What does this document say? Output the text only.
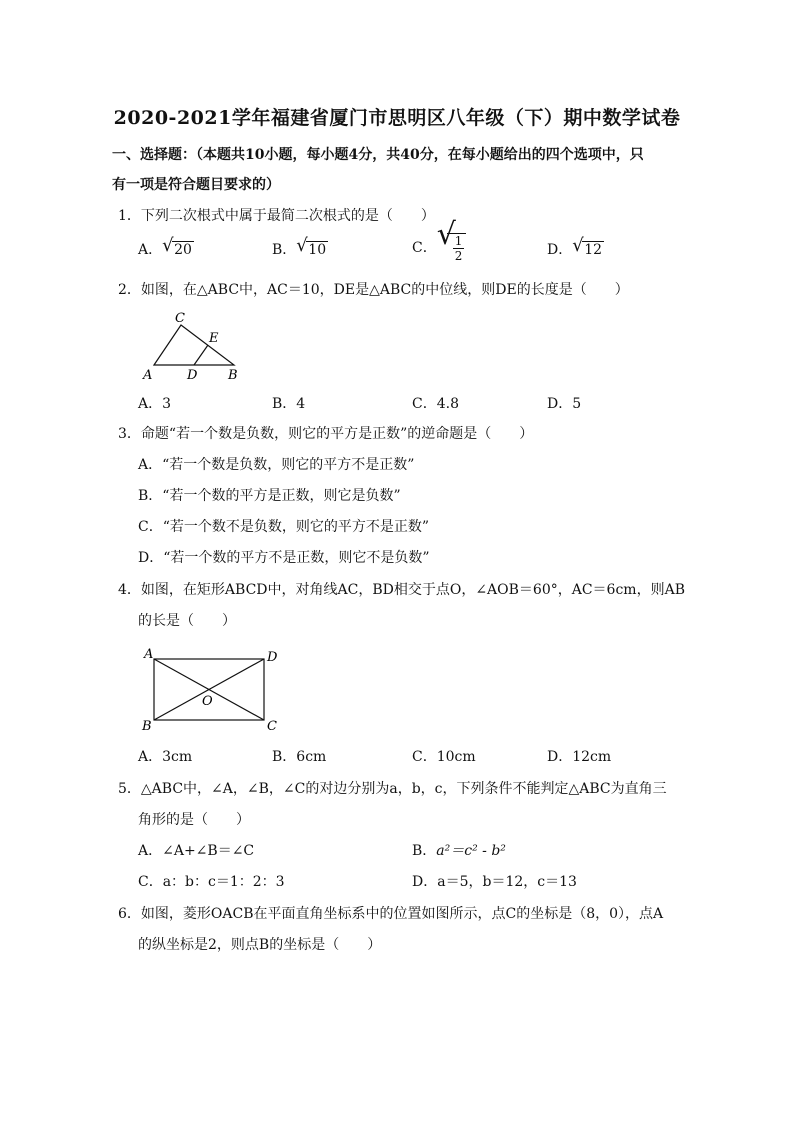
2020-2021学年福建省厦门市思明区八年级（下）期中数学试卷
一、选择题：（本题共10小题，每小题4分，共40分，在每小题给出的四个选项中，只
有一项是符合题目要求的）
1．下列二次根式中属于最简二次根式的是（　　）
A． √ 20	B． √ 10	C． √
$\frac{1}{2}$	D． √ 12
2．如图，在△ABC中，AC＝10，DE是△ABC的中位线，则DE的长度是（　　）
C
E
A	D B
A．3	B．4	C．4.8	D．5
3．命题“若一个数是负数，则它的平方是正数”的逆命题是（　　）
A．“若一个数是负数，则它的平方不是正数”
B．“若一个数的平方是正数，则它是负数”
C．“若一个数不是负数，则它的平方不是正数”
D．“若一个数的平方不是正数，则它不是负数”
4．如图，在矩形ABCD中，对角线AC，BD相交于点O，∠AOB＝60°，AC＝6cm，则AB
的长是（　　）
A	D
O
B	C
A．3cm	B．6cm	C．10cm	D．12cm
5．△ABC中，∠A，∠B，∠C的对边分别为a，b，c，下列条件不能判定△ABC为直角三
角形的是（　　）
A．∠A+∠B＝∠C	B．a²＝c² - b²
C．a：b：c＝1：2：3	D．a＝5，b＝12，c＝13
6．如图，菱形OACB在平面直角坐标系中的位置如图所示，点C的坐标是（8，0），点A
的纵坐标是2，则点B的坐标是（　　）
